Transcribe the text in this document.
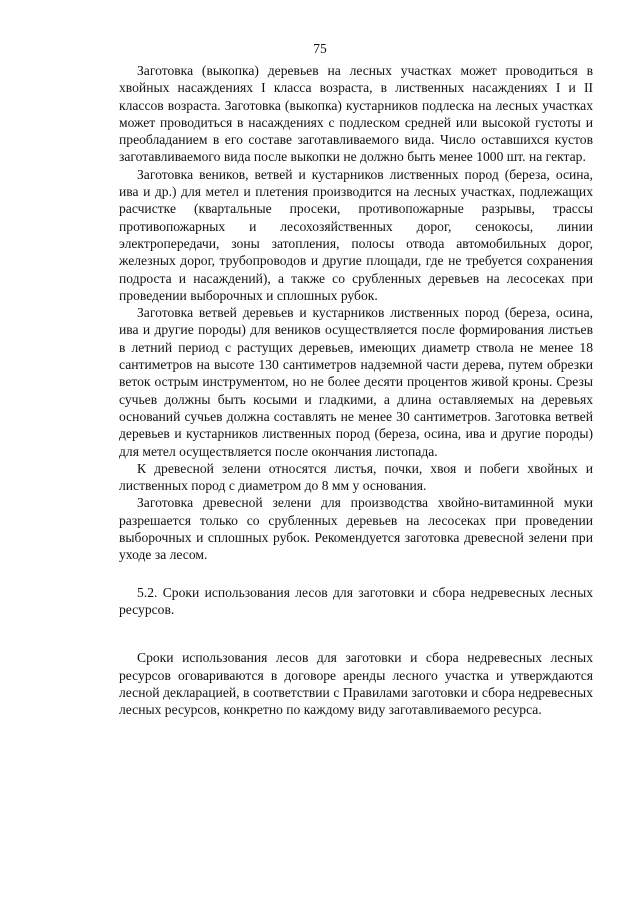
75

Заготовка (выкопка) деревьев на лесных участках может проводиться в хвойных насаждениях I класса возраста, в лиственных насаждениях I и II классов возраста. Заготовка (выкопка) кустарников подлеска на лесных участках может проводиться в насаждениях с подлеском средней или высокой густоты и преобладанием в его составе заготавливаемого вида. Число оставшихся кустов заготавливаемого вида после выкопки не должно быть менее 1000 шт. на гектар.

Заготовка веников, ветвей и кустарников лиственных пород (береза, осина, ива и др.) для метел и плетения производится на лесных участках, подлежащих расчистке (квартальные просеки, противопожарные разрывы, трассы противопожарных и лесохозяйственных дорог, сенокосы, линии электропередачи, зоны затопления, полосы отвода автомобильных дорог, железных дорог, трубопроводов и другие площади, где не требуется сохранения подроста и насаждений), а также со срубленных деревьев на лесосеках при проведении выборочных и сплошных рубок.

Заготовка ветвей деревьев и кустарников лиственных пород (береза, осина, ива и другие породы) для веников осуществляется после формирования листьев в летний период с растущих деревьев, имеющих диаметр ствола не менее 18 сантиметров на высоте 130 сантиметров надземной части дерева, путем обрезки веток острым инструментом, но не более десяти процентов живой кроны. Срезы сучьев должны быть косыми и гладкими, а длина оставляемых на деревьях оснований сучьев должна составлять не менее 30 сантиметров. Заготовка ветвей деревьев и кустарников лиственных пород (береза, осина, ива и другие породы) для метел осуществляется после окончания листопада.

К древесной зелени относятся листья, почки, хвоя и побеги хвойных и лиственных пород с диаметром до 8 мм у основания.

Заготовка древесной зелени для производства хвойно-витаминной муки разрешается только со срубленных деревьев на лесосеках при проведении выборочных и сплошных рубок. Рекомендуется заготовка древесной зелени при уходе за лесом.

5.2. Сроки использования лесов для заготовки и сбора недревесных лесных ресурсов.

Сроки использования лесов для заготовки и сбора недревесных лесных ресурсов оговариваются в договоре аренды лесного участка и утверждаются лесной декларацией, в соответствии с Правилами заготовки и сбора недревесных лесных ресурсов, конкретно по каждому виду заготавливаемого ресурса.
